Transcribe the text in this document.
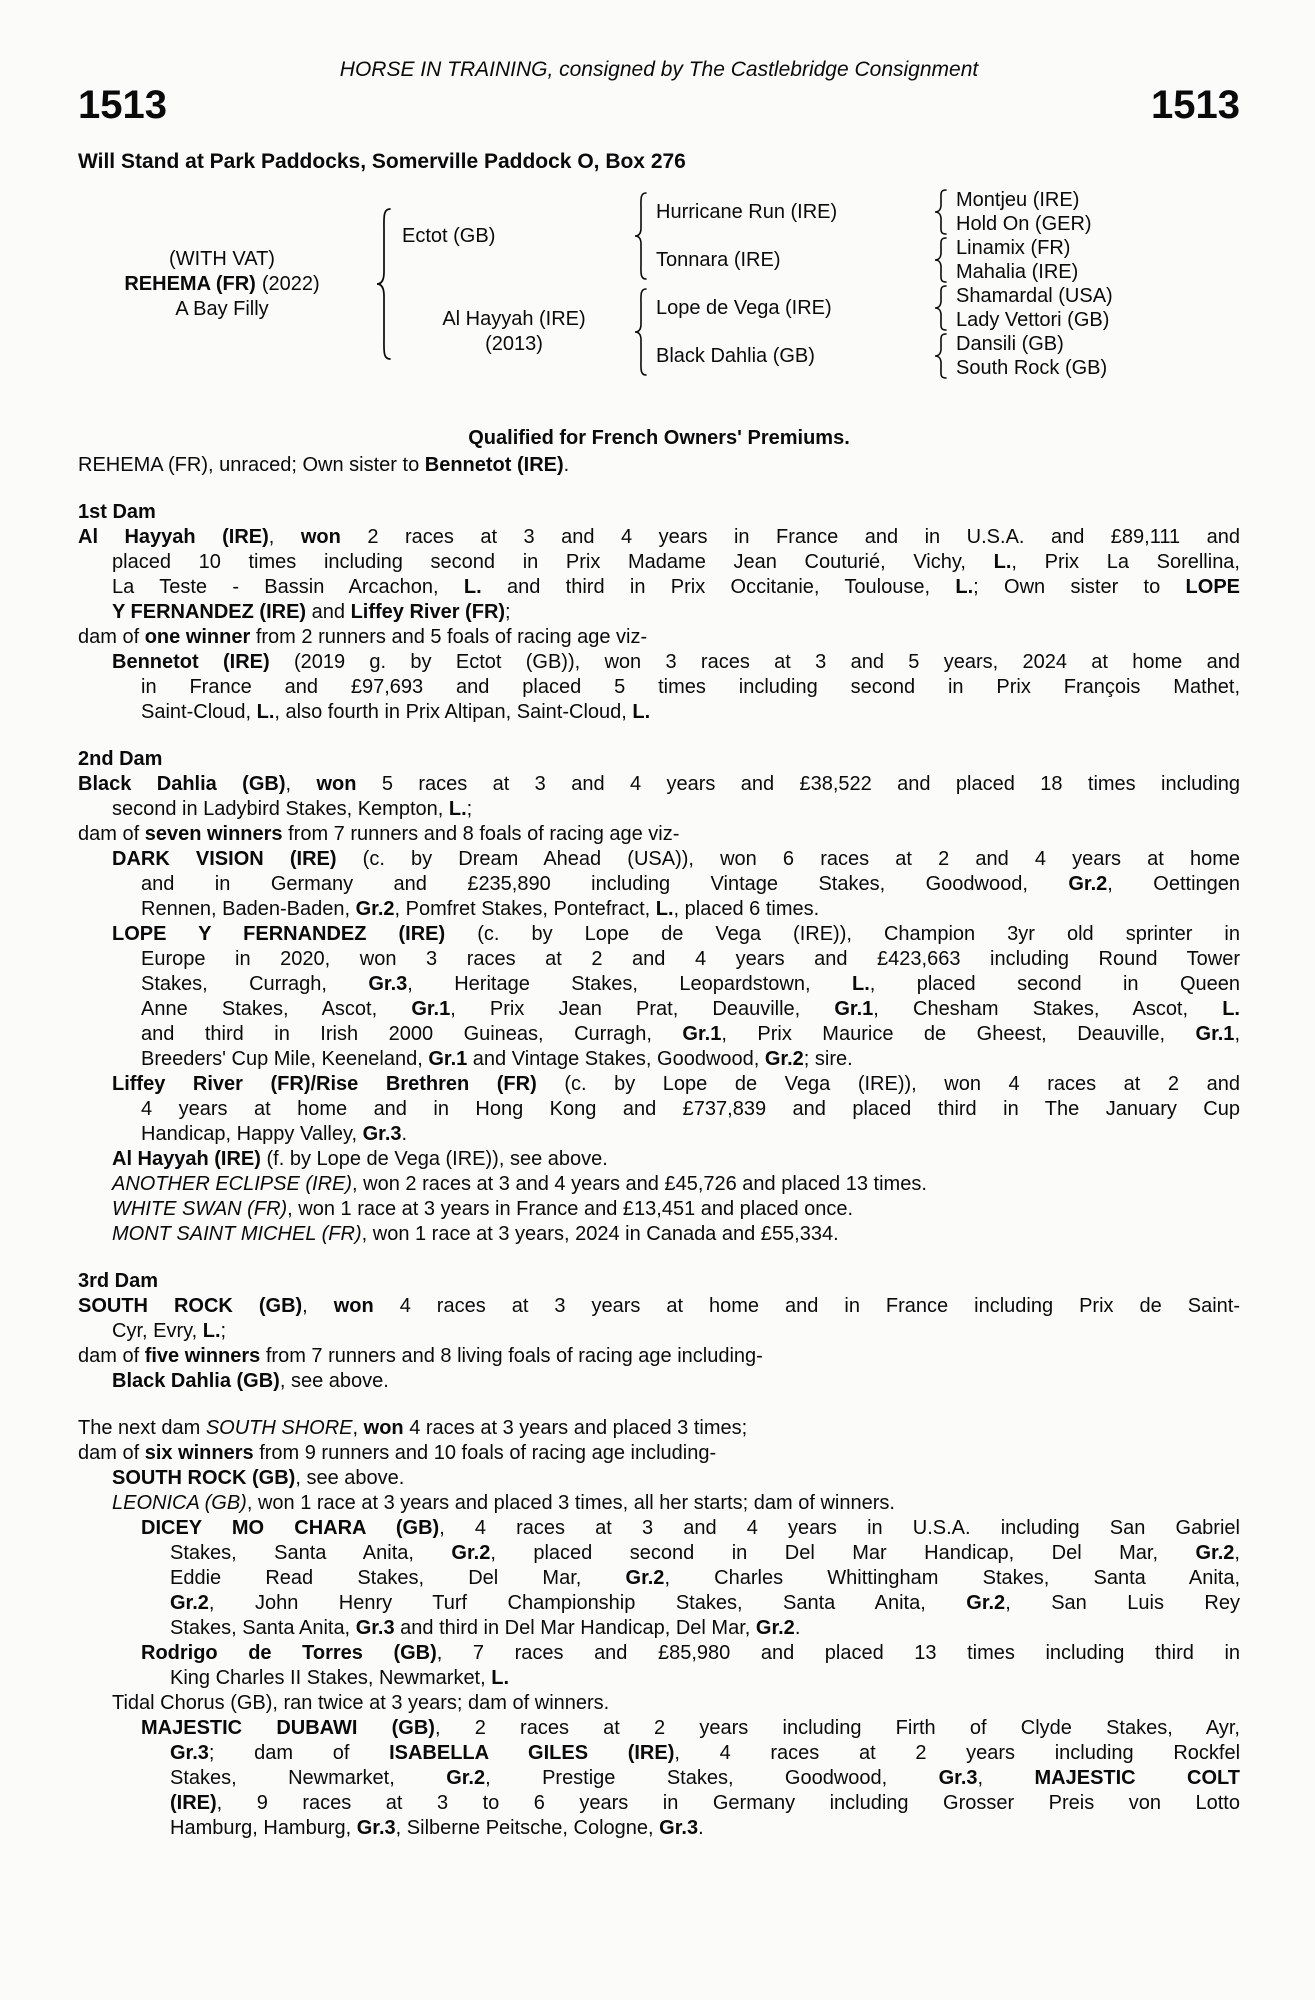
HORSE IN TRAINING, consigned by The Castlebridge Consignment
1513	1513
Will Stand at Park Paddocks, Somerville Paddock O, Box 276
(WITH VAT)
REHEMA (FR) (2022)
A Bay Filly
Ectot (GB)
Al Hayyah (IRE)
(2013)
Hurricane Run (IRE)
Tonnara (IRE)
Lope de Vega (IRE)
Black Dahlia (GB)
Montjeu (IRE)
Hold On (GER)
Linamix (FR)
Mahalia (IRE)
Shamardal (USA)
Lady Vettori (GB)
Dansili (GB)
South Rock (GB)
Qualified for French Owners' Premiums.
REHEMA (FR), unraced; Own sister to Bennetot (IRE).
1st Dam
Al Hayyah (IRE), won 2 races at 3 and 4 years in France and in U.S.A. and £89,111 and
placed 10 times including second in Prix Madame Jean Couturié, Vichy, L., Prix La Sorellina,
La Teste - Bassin Arcachon, L. and third in Prix Occitanie, Toulouse, L.; Own sister to LOPE
Y FERNANDEZ (IRE) and Liffey River (FR);
dam of one winner from 2 runners and 5 foals of racing age viz-
Bennetot (IRE) (2019 g. by Ectot (GB)), won 3 races at 3 and 5 years, 2024 at home and
in France and £97,693 and placed 5 times including second in Prix François Mathet,
Saint-Cloud, L., also fourth in Prix Altipan, Saint-Cloud, L.
2nd Dam
Black Dahlia (GB), won 5 races at 3 and 4 years and £38,522 and placed 18 times including
second in Ladybird Stakes, Kempton, L.;
dam of seven winners from 7 runners and 8 foals of racing age viz-
DARK VISION (IRE) (c. by Dream Ahead (USA)), won 6 races at 2 and 4 years at home
and in Germany and £235,890 including Vintage Stakes, Goodwood, Gr.2, Oettingen
Rennen, Baden-Baden, Gr.2, Pomfret Stakes, Pontefract, L., placed 6 times.
LOPE Y FERNANDEZ (IRE) (c. by Lope de Vega (IRE)), Champion 3yr old sprinter in
Europe in 2020, won 3 races at 2 and 4 years and £423,663 including Round Tower
Stakes, Curragh, Gr.3, Heritage Stakes, Leopardstown, L., placed second in Queen
Anne Stakes, Ascot, Gr.1, Prix Jean Prat, Deauville, Gr.1, Chesham Stakes, Ascot, L.
and third in Irish 2000 Guineas, Curragh, Gr.1, Prix Maurice de Gheest, Deauville, Gr.1,
Breeders' Cup Mile, Keeneland, Gr.1 and Vintage Stakes, Goodwood, Gr.2; sire.
Liffey River (FR)/Rise Brethren (FR) (c. by Lope de Vega (IRE)), won 4 races at 2 and
4 years at home and in Hong Kong and £737,839 and placed third in The January Cup
Handicap, Happy Valley, Gr.3.
Al Hayyah (IRE) (f. by Lope de Vega (IRE)), see above.
ANOTHER ECLIPSE (IRE), won 2 races at 3 and 4 years and £45,726 and placed 13 times.
WHITE SWAN (FR), won 1 race at 3 years in France and £13,451 and placed once.
MONT SAINT MICHEL (FR), won 1 race at 3 years, 2024 in Canada and £55,334.
3rd Dam
SOUTH ROCK (GB), won 4 races at 3 years at home and in France including Prix de Saint-
Cyr, Evry, L.;
dam of five winners from 7 runners and 8 living foals of racing age including-
Black Dahlia (GB), see above.
The next dam SOUTH SHORE, won 4 races at 3 years and placed 3 times;
dam of six winners from 9 runners and 10 foals of racing age including-
SOUTH ROCK (GB), see above.
LEONICA (GB), won 1 race at 3 years and placed 3 times, all her starts; dam of winners.
DICEY MO CHARA (GB), 4 races at 3 and 4 years in U.S.A. including San Gabriel
Stakes, Santa Anita, Gr.2, placed second in Del Mar Handicap, Del Mar, Gr.2,
Eddie Read Stakes, Del Mar, Gr.2, Charles Whittingham Stakes, Santa Anita,
Gr.2, John Henry Turf Championship Stakes, Santa Anita, Gr.2, San Luis Rey
Stakes, Santa Anita, Gr.3 and third in Del Mar Handicap, Del Mar, Gr.2.
Rodrigo de Torres (GB), 7 races and £85,980 and placed 13 times including third in
King Charles II Stakes, Newmarket, L.
Tidal Chorus (GB), ran twice at 3 years; dam of winners.
MAJESTIC DUBAWI (GB), 2 races at 2 years including Firth of Clyde Stakes, Ayr,
Gr.3; dam of ISABELLA GILES (IRE), 4 races at 2 years including Rockfel
Stakes, Newmarket, Gr.2, Prestige Stakes, Goodwood, Gr.3, MAJESTIC COLT
(IRE), 9 races at 3 to 6 years in Germany including Grosser Preis von Lotto
Hamburg, Hamburg, Gr.3, Silberne Peitsche, Cologne, Gr.3.
